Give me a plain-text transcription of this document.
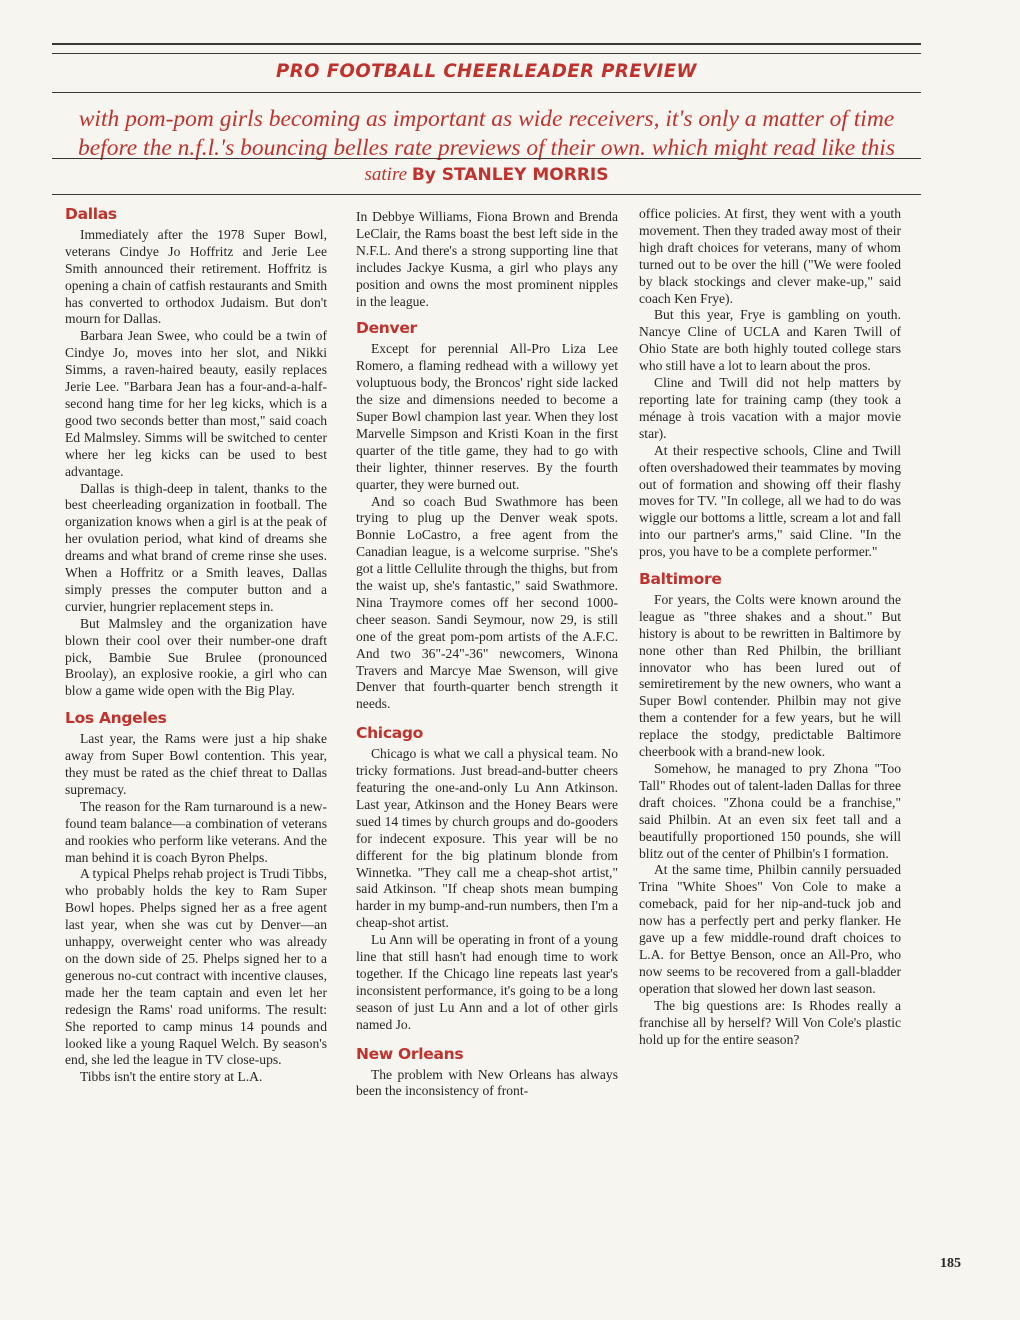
PRO FOOTBALL CHEERLEADER PREVIEW
with pom-pom girls becoming as important as wide receivers, it's only a matter of time
before the n.f.l.'s bouncing belles rate previews of their own. which might read like this
satire By STANLEY MORRIS
Dallas

Immediately after the 1978 Super Bowl, veterans Cindye Jo Hoffritz and Jerie Lee Smith announced their retirement. Hoffritz is opening a chain of catfish restaurants and Smith has converted to orthodox Judaism. But don't mourn for Dallas.

Barbara Jean Swee, who could be a twin of Cindye Jo, moves into her slot, and Nikki Simms, a raven-haired beauty, easily replaces Jerie Lee. "Barbara Jean has a four-and-a-half-second hang time for her leg kicks, which is a good two seconds better than most," said coach Ed Malmsley. Simms will be switched to center where her leg kicks can be used to best advantage.

Dallas is thigh-deep in talent, thanks to the best cheerleading organization in football. The organization knows when a girl is at the peak of her ovulation period, what kind of dreams she dreams and what brand of creme rinse she uses. When a Hoffritz or a Smith leaves, Dallas simply presses the computer button and a curvier, hungrier replacement steps in.

But Malmsley and the organization have blown their cool over their number-one draft pick, Bambie Sue Brulee (pronounced Broolay), an explosive rookie, a girl who can blow a game wide open with the Big Play.

Los Angeles

Last year, the Rams were just a hip shake away from Super Bowl contention. This year, they must be rated as the chief threat to Dallas supremacy.

The reason for the Ram turnaround is a new-found team balance—a combination of veterans and rookies who perform like veterans. And the man behind it is coach Byron Phelps.

A typical Phelps rehab project is Trudi Tibbs, who probably holds the key to Ram Super Bowl hopes. Phelps signed her as a free agent last year, when she was cut by Denver—an unhappy, overweight center who was already on the down side of 25. Phelps signed her to a generous no-cut contract with incentive clauses, made her the team captain and even let her redesign the Rams' road uniforms. The result: She reported to camp minus 14 pounds and looked like a young Raquel Welch. By season's end, she led the league in TV close-ups.

Tibbs isn't the entire story at L.A.

In Debbye Williams, Fiona Brown and Brenda LeClair, the Rams boast the best left side in the N.F.L. And there's a strong supporting line that includes Jackye Kusma, a girl who plays any position and owns the most prominent nipples in the league.

Denver

Except for perennial All-Pro Liza Lee Romero, a flaming redhead with a willowy yet voluptuous body, the Broncos' right side lacked the size and dimensions needed to become a Super Bowl champion last year. When they lost Marvelle Simpson and Kristi Koan in the first quarter of the title game, they had to go with their lighter, thinner reserves. By the fourth quarter, they were burned out.

And so coach Bud Swathmore has been trying to plug up the Denver weak spots. Bonnie LoCastro, a free agent from the Canadian league, is a welcome surprise. "She's got a little Cellulite through the thighs, but from the waist up, she's fantastic," said Swathmore. Nina Traymore comes off her second 1000-cheer season. Sandi Seymour, now 29, is still one of the great pom-pom artists of the A.F.C. And two 36"-24"-36" newcomers, Winona Travers and Marcye Mae Swenson, will give Denver that fourth-quarter bench strength it needs.

Chicago

Chicago is what we call a physical team. No tricky formations. Just bread-and-butter cheers featuring the one-and-only Lu Ann Atkinson. Last year, Atkinson and the Honey Bears were sued 14 times by church groups and do-gooders for indecent exposure. This year will be no different for the big platinum blonde from Winnetka. "They call me a cheap-shot artist," said Atkinson. "If cheap shots mean bumping harder in my bump-and-run numbers, then I'm a cheap-shot artist.

Lu Ann will be operating in front of a young line that still hasn't had enough time to work together. If the Chicago line repeats last year's inconsistent performance, it's going to be a long season of just Lu Ann and a lot of other girls named Jo.

New Orleans

The problem with New Orleans has always been the inconsistency of front-

office policies. At first, they went with a youth movement. Then they traded away most of their high draft choices for veterans, many of whom turned out to be over the hill ("We were fooled by black stockings and clever make-up," said coach Ken Frye).

But this year, Frye is gambling on youth. Nancye Cline of UCLA and Karen Twill of Ohio State are both highly touted college stars who still have a lot to learn about the pros.

Cline and Twill did not help matters by reporting late for training camp (they took a ménage à trois vacation with a major movie star).

At their respective schools, Cline and Twill often overshadowed their teammates by moving out of formation and showing off their flashy moves for TV. "In college, all we had to do was wiggle our bottoms a little, scream a lot and fall into our partner's arms," said Cline. "In the pros, you have to be a complete performer."

Baltimore

For years, the Colts were known around the league as "three shakes and a shout." But history is about to be rewritten in Baltimore by none other than Red Philbin, the brilliant innovator who has been lured out of semiretirement by the new owners, who want a Super Bowl contender. Philbin may not give them a contender for a few years, but he will replace the stodgy, predictable Baltimore cheerbook with a brand-new look.

Somehow, he managed to pry Zhona "Too Tall" Rhodes out of talent-laden Dallas for three draft choices. "Zhona could be a franchise," said Philbin. At an even six feet tall and a beautifully proportioned 150 pounds, she will blitz out of the center of Philbin's I formation.

At the same time, Philbin cannily persuaded Trina "White Shoes" Von Cole to make a comeback, paid for her nip-and-tuck job and now has a perfectly pert and perky flanker. He gave up a few middle-round draft choices to L.A. for Bettye Benson, once an All-Pro, who now seems to be recovered from a gall-bladder operation that slowed her down last season.

The big questions are: Is Rhodes really a franchise all by herself? Will Von Cole's plastic hold up for the entire season?

185
